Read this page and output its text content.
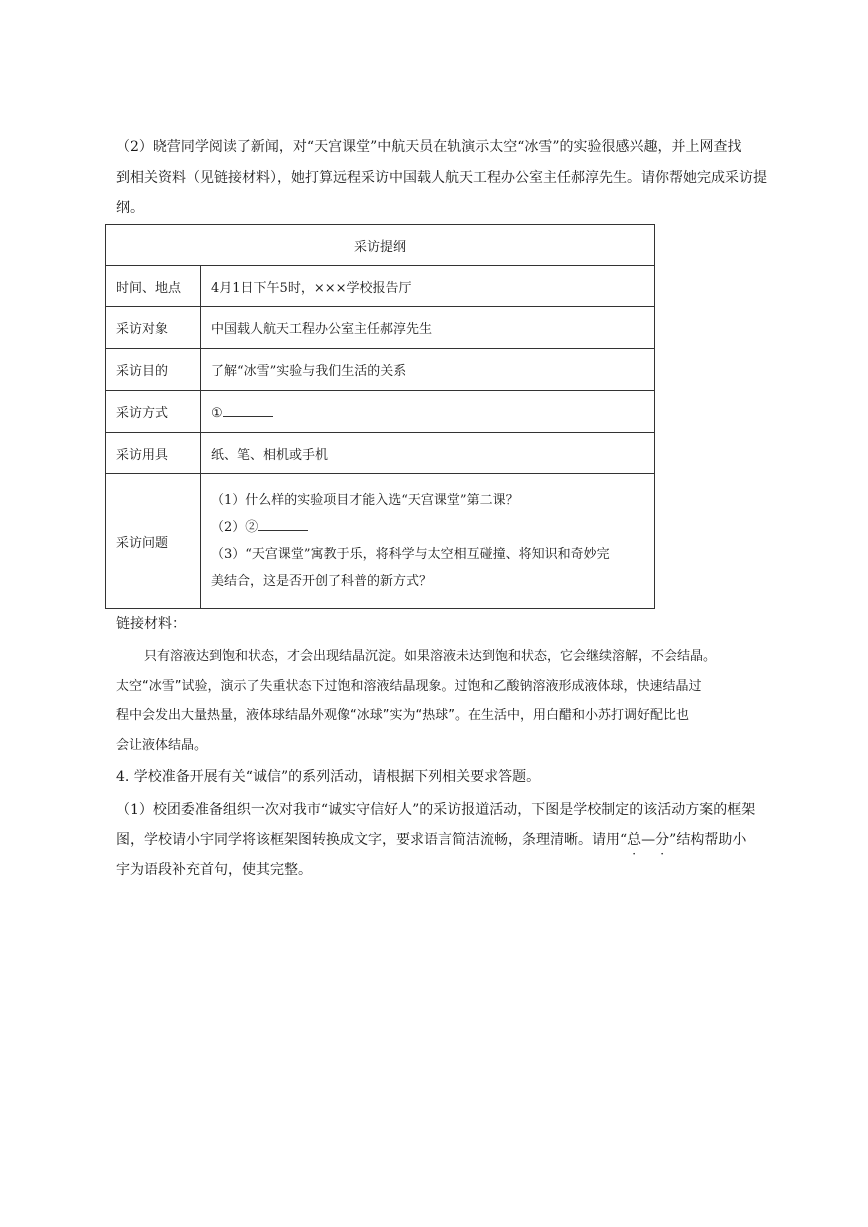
（2）晓营同学阅读了新闻，对“天宫课堂”中航天员在轨演示太空“冰雪”的实验很感兴趣，并上网查找
到相关资料（见链接材料），她打算远程采访中国载人航天工程办公室主任郝淳先生。请你帮她完成采访提
纲。
采访提纲	
时间、地点	4月1日下午5时，×××学校报告厅
采访对象	中国载人航天工程办公室主任郝淳先生
采访目的	了解“冰雪”实验与我们生活的关系
采访方式	①
采访用具	纸、笔、相机或手机
采访问题	（1）什么样的实验项目才能入选“天宫课堂”第二课？
（2）②
（3）“天宫课堂”寓教于乐，将科学与太空相互碰撞、将知识和奇妙完
美结合，这是否开创了科普的新方式？
链接材料：
只有溶液达到饱和状态，才会出现结晶沉淀。如果溶液未达到饱和状态，它会继续溶解，不会结晶。
太空“冰雪”试验，演示了失重状态下过饱和溶液结晶现象。过饱和乙酸钠溶液形成液体球，快速结晶过
程中会发出大量热量，液体球结晶外观像“冰球”实为“热球”。在生活中，用白醋和小苏打调好配比也
会让液体结晶。
4. 学校准备开展有关“诚信”的系列活动，请根据下列相关要求答题。
（1）校团委准备组织一次对我市“诚实守信好人”的采访报道活动，下图是学校制定的该活动方案的框架
图，学校请小宇同学将该框架图转换成文字，要求语言简洁流畅，条理清晰。请用“总—分”结构帮助小
宇为语段补充首句，使其完整。
